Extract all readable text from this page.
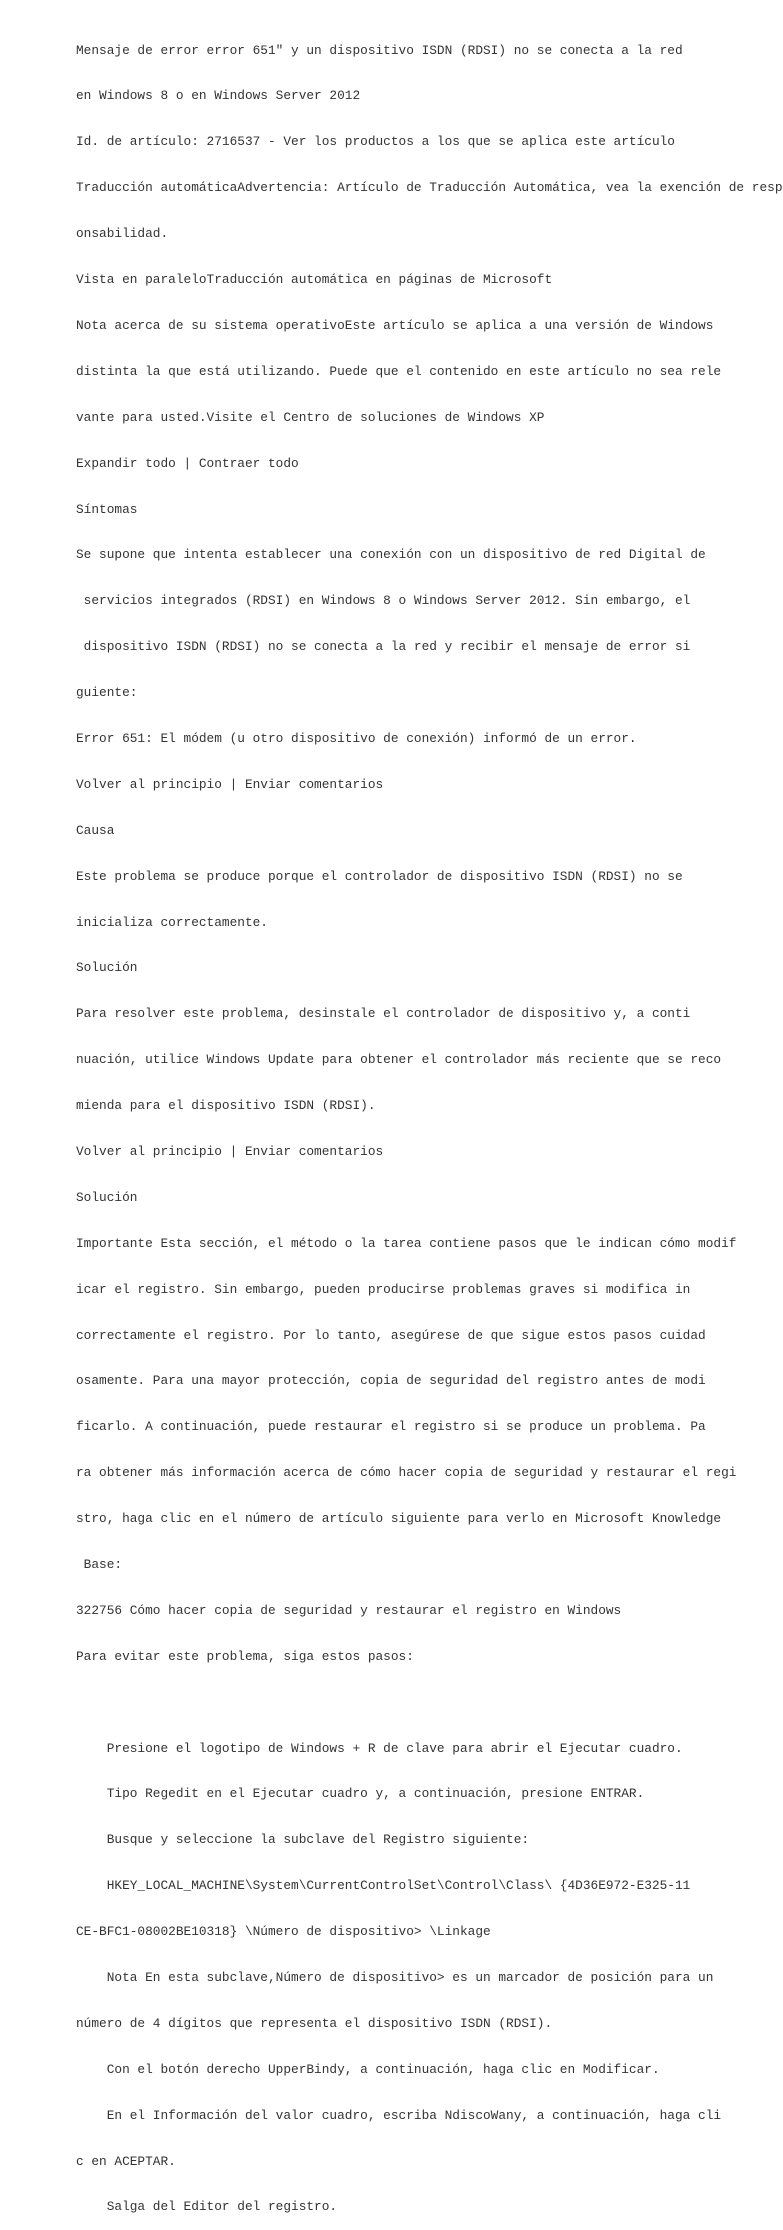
Mensaje de error error 651" y un dispositivo ISDN (RDSI) no se conecta a la red

en Windows 8 o en Windows Server 2012

Id. de artículo: 2716537 - Ver los productos a los que se aplica este artículo

Traducción automáticaAdvertencia: Artículo de Traducción Automática, vea la exención de resp

onsabilidad.

Vista en paraleloTraducción automática en páginas de Microsoft

Nota acerca de su sistema operativoEste artículo se aplica a una versión de Windows

distinta la que está utilizando. Puede que el contenido en este artículo no sea rele

vante para usted.Visite el Centro de soluciones de Windows XP

Expandir todo | Contraer todo

Síntomas

Se supone que intenta establecer una conexión con un dispositivo de red Digital de

servicios integrados (RDSI) en Windows 8 o Windows Server 2012. Sin embargo, el

dispositivo ISDN (RDSI) no se conecta a la red y recibir el mensaje de error si

guiente:

Error 651: El módem (u otro dispositivo de conexión) informó de un error.

Volver al principio | Enviar comentarios

Causa

Este problema se produce porque el controlador de dispositivo ISDN (RDSI) no se

inicializa correctamente.

Solución

Para resolver este problema, desinstale el controlador de dispositivo y, a conti

nuación, utilice Windows Update para obtener el controlador más reciente que se reco

mienda para el dispositivo ISDN (RDSI).

Volver al principio | Enviar comentarios

Solución

Importante Esta sección, el método o la tarea contiene pasos que le indican cómo modif

icar el registro. Sin embargo, pueden producirse problemas graves si modifica in

correctamente el registro. Por lo tanto, asegúrese de que sigue estos pasos cuidad

osamente. Para una mayor protección, copia de seguridad del registro antes de modi

ficarlo. A continuación, puede restaurar el registro si se produce un problema. Pa

ra obtener más información acerca de cómo hacer copia de seguridad y restaurar el regi

stro, haga clic en el número de artículo siguiente para verlo en Microsoft Knowledge

Base:

322756 Cómo hacer copia de seguridad y restaurar el registro en Windows

Para evitar este problema, siga estos pasos:

Presione el logotipo de Windows + R de clave para abrir el Ejecutar cuadro.

Tipo Regedit en el Ejecutar cuadro y, a continuación, presione ENTRAR.

Busque y seleccione la subclave del Registro siguiente:

HKEY_LOCAL_MACHINE\System\CurrentControlSet\Control\Class\ {4D36E972-E325-11

CE-BFC1-08002BE10318} \Número de dispositivo> \Linkage

Nota En esta subclave,Número de dispositivo> es un marcador de posición para un

número de 4 dígitos que representa el dispositivo ISDN (RDSI).

Con el botón derecho UpperBindy, a continuación, haga clic en Modificar.

En el Información del valor cuadro, escriba NdiscoWany, a continuación, haga cli

c en ACEPTAR.

Salga del Editor del registro.
